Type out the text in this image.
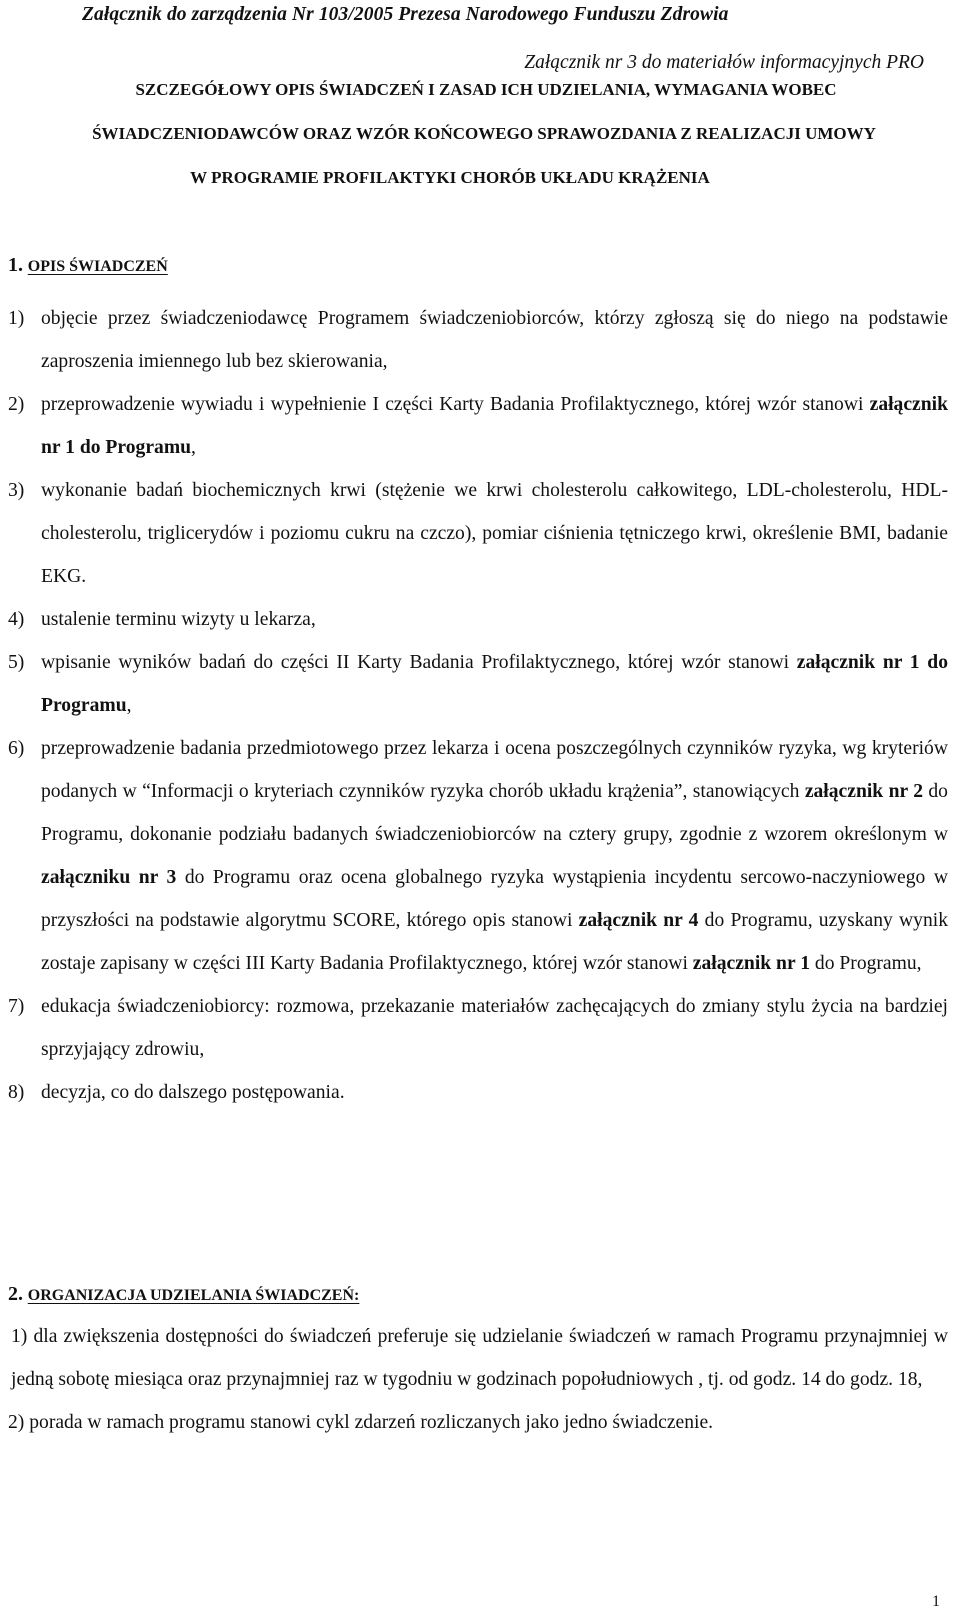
Załącznik do zarządzenia Nr 103/2005 Prezesa Narodowego Funduszu Zdrowia
Załącznik nr 3 do materiałów informacyjnych PRO
SZCZEGÓŁOWY OPIS ŚWIADCZEŃ I ZASAD ICH UDZIELANIA, WYMAGANIA WOBEC
ŚWIADCZENIODAWCÓW ORAZ WZÓR KOŃCOWEGO SPRAWOZDANIA Z REALIZACJI UMOWY
W PROGRAMIE PROFILAKTYKI CHORÓB UKŁADU KRĄŻENIA
1. OPIS ŚWIADCZEŃ
1) objęcie przez świadczeniodawcę Programem świadczeniobiorców, którzy zgłoszą się do niego na podstawie zaproszenia imiennego lub bez skierowania,
2) przeprowadzenie wywiadu i wypełnienie I części Karty Badania Profilaktycznego, której wzór stanowi załącznik nr 1 do Programu,
3) wykonanie badań biochemicznych krwi (stężenie we krwi cholesterolu całkowitego, LDL-cholesterolu, HDL-cholesterolu, triglicerydów i poziomu cukru na czczo), pomiar ciśnienia tętniczego krwi, określenie BMI, badanie EKG.
4) ustalenie terminu wizyty u lekarza,
5) wpisanie wyników badań do części II Karty Badania Profilaktycznego, której wzór stanowi załącznik nr 1 do Programu,
6) przeprowadzenie badania przedmiotowego przez lekarza i ocena poszczególnych czynników ryzyka, wg kryteriów podanych w “Informacji o kryteriach czynników ryzyka chorób układu krążenia”, stanowiących załącznik nr 2 do Programu, dokonanie podziału badanych świadczeniobiorców na cztery grupy, zgodnie z wzorem określonym w załączniku nr 3 do Programu oraz ocena globalnego ryzyka wystąpienia incydentu sercowo-naczyniowego w przyszłości na podstawie algorytmu SCORE, którego opis stanowi załącznik nr 4 do Programu, uzyskany wynik zostaje zapisany w części III Karty Badania Profilaktycznego, której wzór stanowi załącznik nr 1 do Programu,
7) edukacja świadczeniobiorcy: rozmowa, przekazanie materiałów zachęcających do zmiany stylu życia na bardziej sprzyjający zdrowiu,
8) decyzja, co do dalszego postępowania.
2. ORGANIZACJA UDZIELANIA ŚWIADCZEŃ:
1) dla zwiększenia dostępności do świadczeń preferuje się udzielanie świadczeń w ramach Programu przynajmniej w jedną sobotę miesiąca oraz przynajmniej raz w tygodniu w godzinach popołudniowych , tj. od godz. 14 do godz. 18,
2) porada w ramach programu stanowi cykl zdarzeń rozliczanych jako jedno świadczenie.
1
